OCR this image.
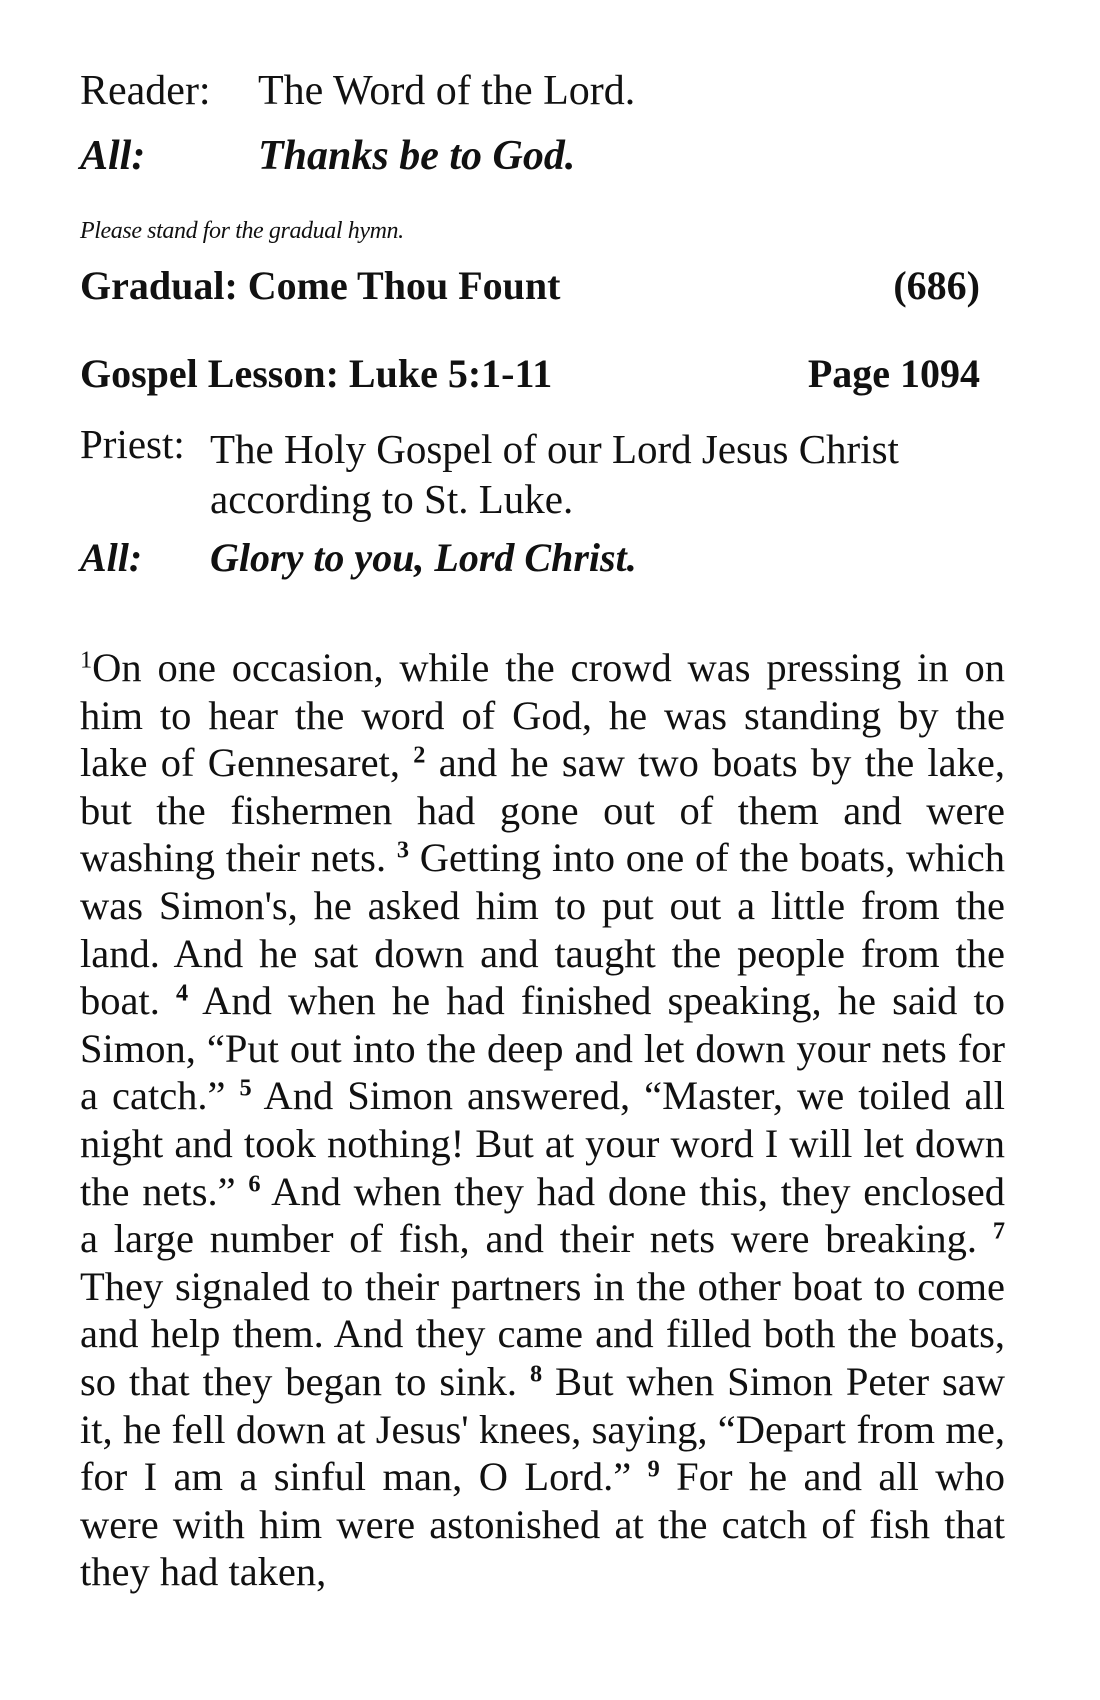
Reader: The Word of the Lord.
All:	Thanks be to God.
Please stand for the gradual hymn.
Gradual: Come Thou Fount	(686)
Gospel Lesson: Luke 5:1-11	Page 1094
Priest: The Holy Gospel of our Lord Jesus Christ
according to St. Luke.
All: Glory to you, Lord Christ.
$^1$On one occasion, while the crowd was pressing in on him to hear the word of God, he was standing by the lake of Gennesaret, $^2$ and he saw two boats by the lake, but the fishermen had gone out of them and were washing their nets. $^3$ Getting into one of the boats, which was Simon's, he asked him to put out a little from the land. And he sat down and taught the people from the boat. $^4$ And when he had finished speaking, he said to Simon, “Put out into the deep and let down your nets for a catch.” $^5$ And Simon answered, “Master, we toiled all night and took nothing! But at your word I will let down the nets.” $^6$ And when they had done this, they enclosed a large number of fish, and their nets were breaking. $^7$ They signaled to their partners in the other boat to come and help them. And they came and filled both the boats, so that they began to sink. $^8$ But when Simon Peter saw it, he fell down at Jesus' knees, saying, “Depart from me, for I am a sinful man, O Lord.” $^9$ For he and all who were with him were astonished at the catch of fish that they had taken,
